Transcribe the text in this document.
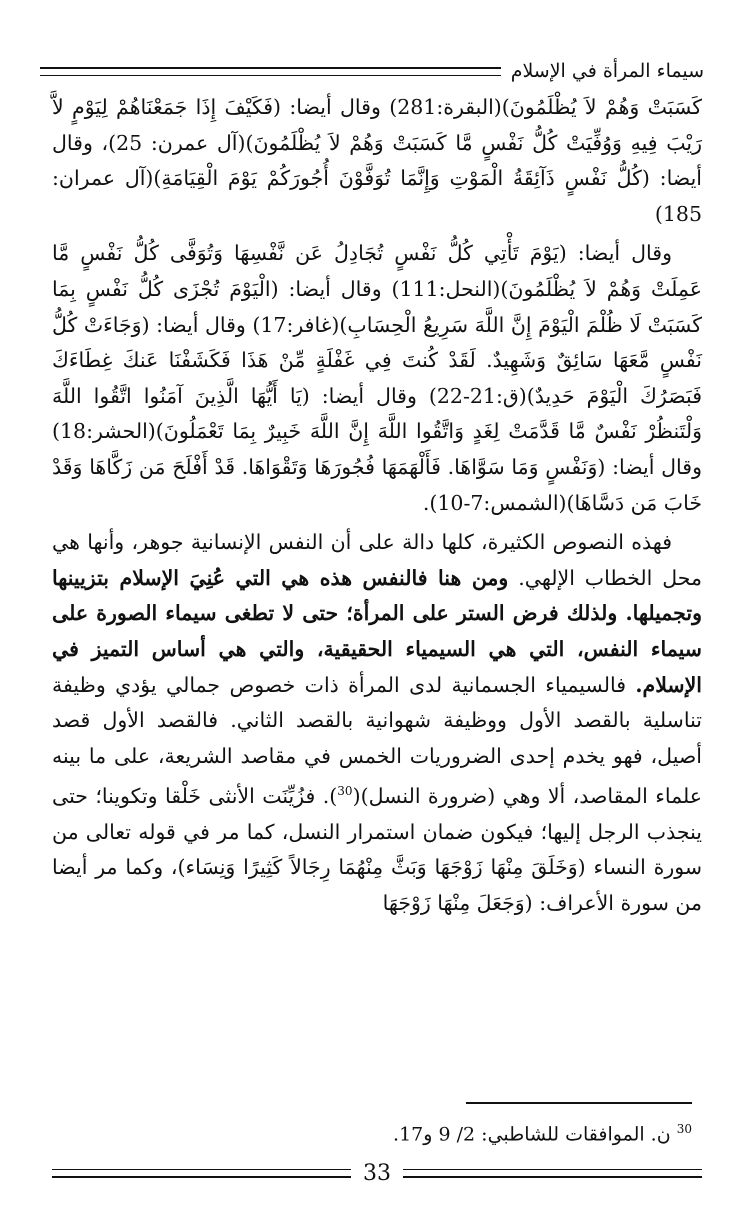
سيماء المرأة في الإسلام

كَسَبَتْ وَهُمْ لاَ يُظْلَمُونَ)(البقرة:281) وقال أيضا: (فَكَيْفَ إِذَا جَمَعْنَاهُمْ لِيَوْمٍ لاَّ رَيْبَ فِيهِ وَوُفِّيَتْ كُلُّ نَفْسٍ مَّا كَسَبَتْ وَهُمْ لاَ يُظْلَمُونَ)(آل عمرن: 25)، وقال أيضا: (كُلُّ نَفْسٍ ذَآئِقَةُ الْمَوْتِ وَإِنَّمَا تُوَفَّوْنَ أُجُورَكُمْ يَوْمَ الْقِيَامَةِ)(آل عمران: 185)

وقال أيضا: (يَوْمَ تَأْتِي كُلُّ نَفْسٍ تُجَادِلُ عَن نَّفْسِهَا وَتُوَفَّى كُلُّ نَفْسٍ مَّا عَمِلَتْ وَهُمْ لاَ يُظْلَمُونَ)(النحل:111) وقال أيضا: (الْيَوْمَ تُجْزَى كُلُّ نَفْسٍ بِمَا كَسَبَتْ لَا ظُلْمَ الْيَوْمَ إِنَّ اللَّهَ سَرِيعُ الْحِسَابِ)(غافر:17) وقال أيضا: (وَجَاءَتْ كُلُّ نَفْسٍ مَّعَهَا سَائِقٌ وَشَهِيدٌ. لَقَدْ كُنتَ فِي غَفْلَةٍ مِّنْ هَذَا فَكَشَفْنَا عَنكَ غِطَاءَكَ فَبَصَرُكَ الْيَوْمَ حَدِيدٌ)(ق:21-22) وقال أيضا: (يَا أَيُّهَا الَّذِينَ آمَنُوا اتَّقُوا اللَّهَ وَلْتَنظُرْ نَفْسٌ مَّا قَدَّمَتْ لِغَدٍ وَاتَّقُوا اللَّهَ إِنَّ اللَّهَ خَبِيرٌ بِمَا تَعْمَلُونَ)(الحشر:18) وقال أيضا: (وَنَفْسٍ وَمَا سَوَّاهَا. فَأَلْهَمَهَا فُجُورَهَا وَتَقْوَاهَا. قَدْ أَفْلَحَ مَن زَكَّاهَا وَقَدْ خَابَ مَن دَسَّاهَا)(الشمس:7-10).

فهذه النصوص الكثيرة، كلها دالة على أن النفس الإنسانية جوهر، وأنها هي محل الخطاب الإلهي. ومن هنا فالنفس هذه هي التي عُنِيَ الإسلام بتزيينها وتجميلها. ولذلك فرض الستر على المرأة؛ حتى لا تطغى سيماء الصورة على سيماء النفس، التي هي السيمياء الحقيقية، والتي هي أساس التميز في الإسلام. فالسيمياء الجسمانية لدى المرأة ذات خصوص جمالي يؤدي وظيفة تناسلية بالقصد الأول ووظيفة شهوانية بالقصد الثاني. فالقصد الأول قصد أصيل، فهو يخدم إحدى الضروريات الخمس في مقاصد الشريعة، على ما بينه علماء المقاصد، ألا وهي (ضرورة النسل)($^{30}$). فزُيِّنَت الأنثى خَلْقا وتكوينا؛ حتى ينجذب الرجل إليها؛ فيكون ضمان استمرار النسل، كما مر في قوله تعالى من سورة النساء (وَخَلَقَ مِنْهَا زَوْجَهَا وَبَثَّ مِنْهُمَا رِجَالاً كَثِيرًا وَنِسَاء)، وكما مر أيضا من سورة الأعراف: (وَجَعَلَ مِنْهَا زَوْجَهَا

$^{30}$ ن. الموافقات للشاطبي: 2/ 9 و17.
33
